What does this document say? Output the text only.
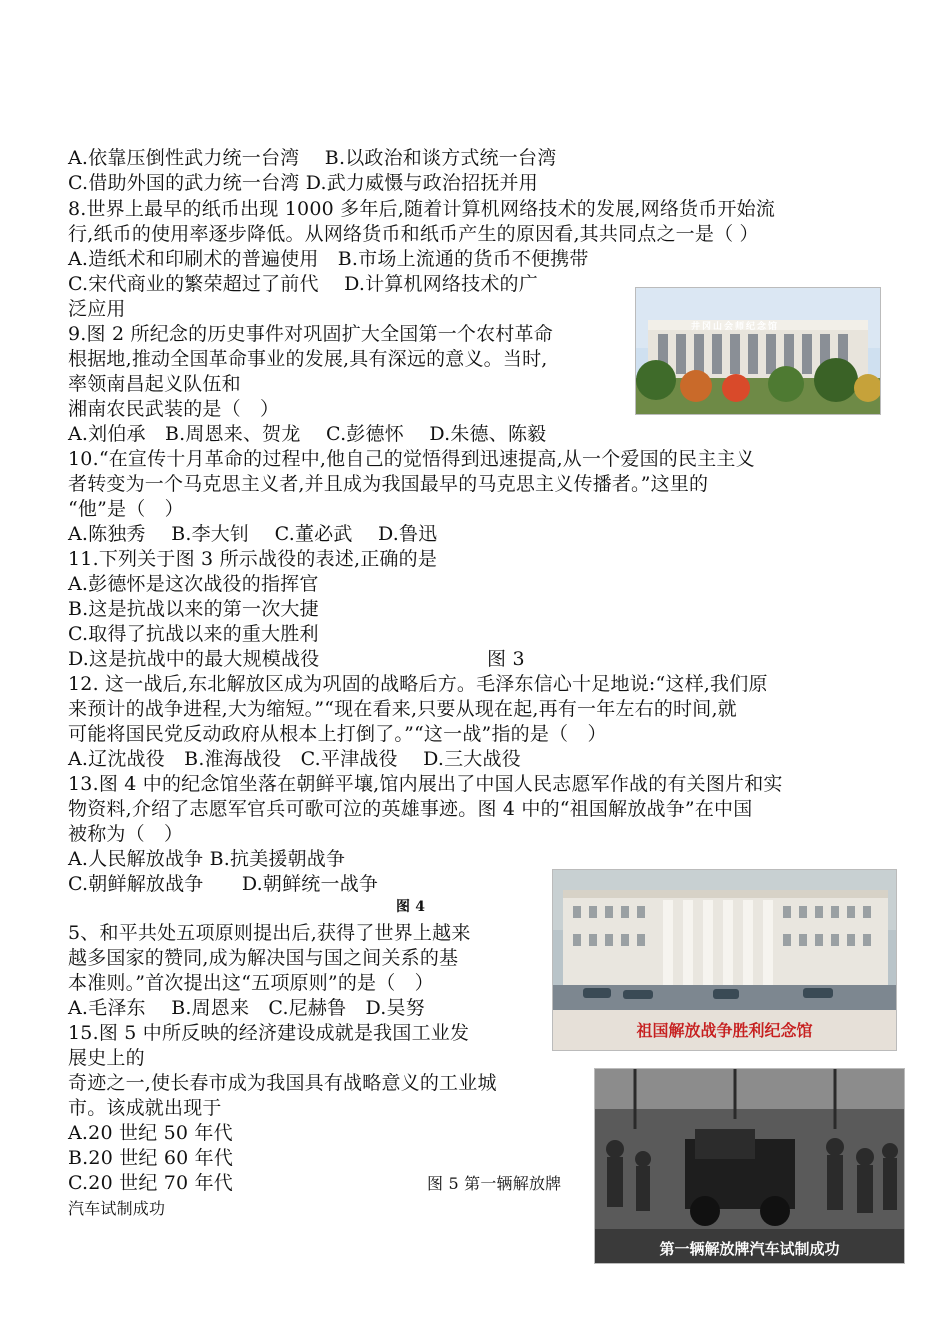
A.依靠压倒性武力统一台湾　 B.以政治和谈方式统一台湾
C.借助外国的武力统一台湾 D.武力威慑与政治招抚并用
8.世界上最早的纸币出现 1000 多年后,随着计算机网络技术的发展,网络货币开始流
行,纸币的使用率逐步降低。从网络货币和纸币产生的原因看,其共同点之一是（ ）
A.造纸术和印刷术的普遍使用　B.市场上流通的货币不便携带
C.宋代商业的繁荣超过了前代　 D.计算机网络技术的广
泛应用
9.图 2 所纪念的历史事件对巩固扩大全国第一个农村革命
根据地,推动全国革命事业的发展,具有深远的意义。当时,
率领南昌起义队伍和
湘南农民武装的是（　）
A.刘伯承　B.周恩来、贺龙　 C.彭德怀　 D.朱德、陈毅
10.“在宣传十月革命的过程中,他自己的觉悟得到迅速提高,从一个爱国的民主主义
者转变为一个马克思主义者,并且成为我国最早的马克思主义传播者。”这里的
“他”是（　）
A.陈独秀　 B.李大钊　 C.董必武　 D.鲁迅
11.下列关于图 3 所示战役的表述,正确的是
A.彭德怀是这次战役的指挥官
B.这是抗战以来的第一次大捷
C.取得了抗战以来的重大胜利
D.这是抗战中的最大规模战役	图 3
12. 这一战后,东北解放区成为巩固的战略后方。毛泽东信心十足地说:“这样,我们原
来预计的战争进程,大为缩短。”“现在看来,只要从现在起,再有一年左右的时间,就
可能将国民党反动政府从根本上打倒了。”“这一战”指的是（　）
A.辽沈战役　B.淮海战役　C.平津战役　 D.三大战役
13.图 4 中的纪念馆坐落在朝鲜平壤,馆内展出了中国人民志愿军作战的有关图片和实
物资料,介绍了志愿军官兵可歌可泣的英雄事迹。图 4 中的“祖国解放战争”在中国
被称为（　）
A.人民解放战争 B.抗美援朝战争
C.朝鲜解放战争　　D.朝鲜统一战争
图 4
5、和平共处五项原则提出后,获得了世界上越来
越多国家的赞同,成为解决国与国之间关系的基
本准则。”首次提出这“五项原则”的是（　）
A.毛泽东　 B.周恩来　C.尼赫鲁　D.吴努
15.图 5 中所反映的经济建设成就是我国工业发
展史上的
奇迹之一,使长春市成为我国具有战略意义的工业城
市。该成就出现于
A.20 世纪 50 年代
B.20 世纪 60 年代
C.20 世纪 70 年代	图 5 第一辆解放牌
汽车试制成功
井冈山会师纪念馆
祖国解放战争胜利纪念馆
第一辆解放牌汽车试制成功
